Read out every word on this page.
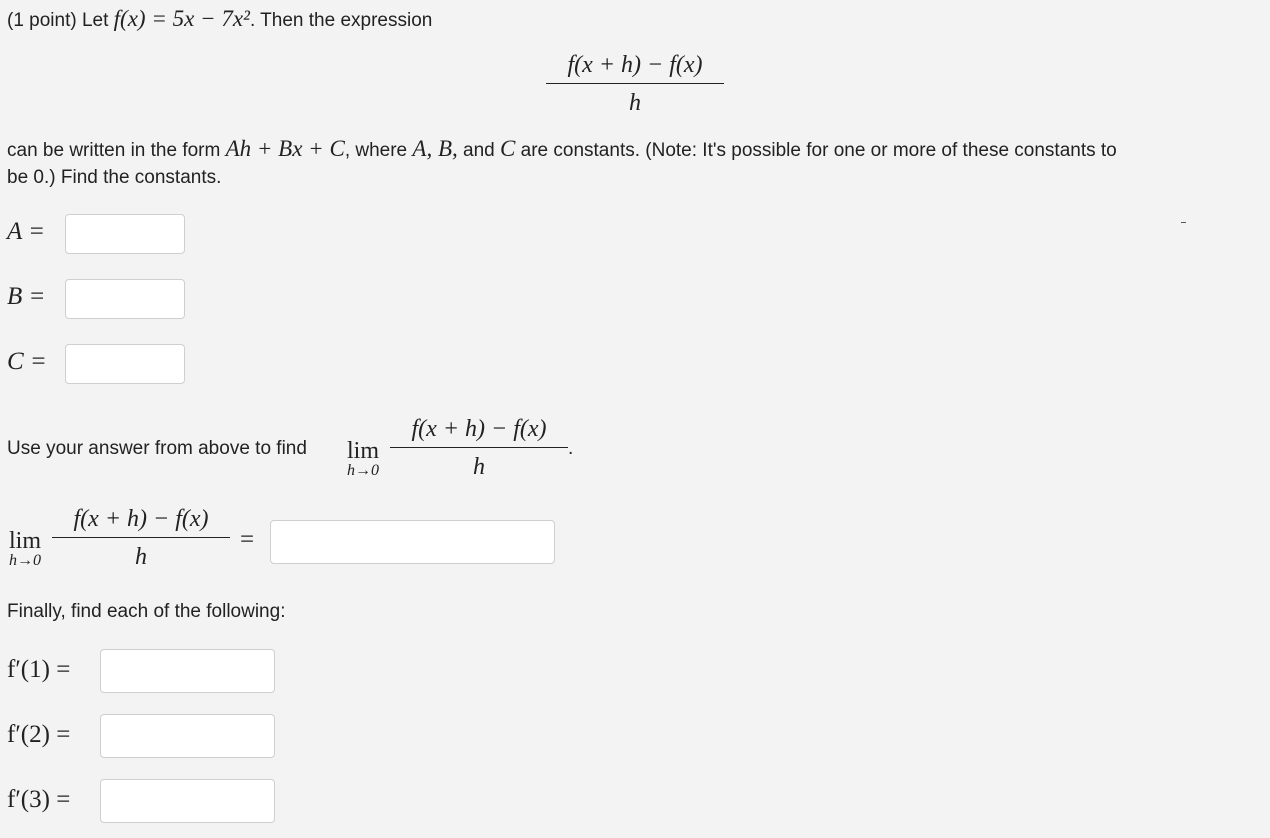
(1 point) Let f(x) = 5x − 7x². Then the expression
f(x + h) − f(x)
h
can be written in the form Ah + Bx + C, where A, B, and C are constants. (Note: It's possible for one or more of these constants to
be 0.) Find the constants.
A =
B =
C =
Use your answer from above to find lim
h→0
f(x + h) − f(x)
h
.
lim
h→0
f(x + h) − f(x)
h
=
Finally, find each of the following:
f′(1) =
f′(2) =
f′(3) =
